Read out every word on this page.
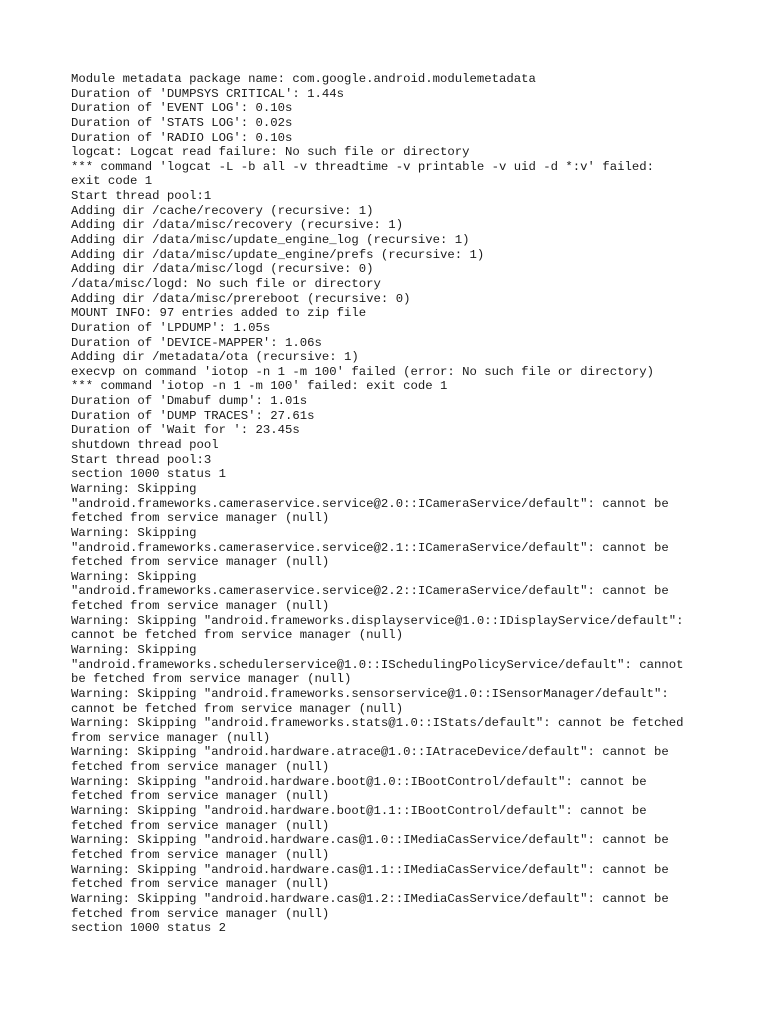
Module metadata package name: com.google.android.modulemetadata
Duration of 'DUMPSYS CRITICAL': 1.44s
Duration of 'EVENT LOG': 0.10s
Duration of 'STATS LOG': 0.02s
Duration of 'RADIO LOG': 0.10s
logcat: Logcat read failure: No such file or directory
*** command 'logcat -L -b all -v threadtime -v printable -v uid -d *:v' failed:
exit code 1
Start thread pool:1
Adding dir /cache/recovery (recursive: 1)
Adding dir /data/misc/recovery (recursive: 1)
Adding dir /data/misc/update_engine_log (recursive: 1)
Adding dir /data/misc/update_engine/prefs (recursive: 1)
Adding dir /data/misc/logd (recursive: 0)
/data/misc/logd: No such file or directory
Adding dir /data/misc/prereboot (recursive: 0)
MOUNT INFO: 97 entries added to zip file
Duration of 'LPDUMP': 1.05s
Duration of 'DEVICE-MAPPER': 1.06s
Adding dir /metadata/ota (recursive: 1)
execvp on command 'iotop -n 1 -m 100' failed (error: No such file or directory)
*** command 'iotop -n 1 -m 100' failed: exit code 1
Duration of 'Dmabuf dump': 1.01s
Duration of 'DUMP TRACES': 27.61s
Duration of 'Wait for ': 23.45s
shutdown thread pool
Start thread pool:3
section 1000 status 1
Warning: Skipping
"android.frameworks.cameraservice.service@2.0::ICameraService/default": cannot be
fetched from service manager (null)
Warning: Skipping
"android.frameworks.cameraservice.service@2.1::ICameraService/default": cannot be
fetched from service manager (null)
Warning: Skipping
"android.frameworks.cameraservice.service@2.2::ICameraService/default": cannot be
fetched from service manager (null)
Warning: Skipping "android.frameworks.displayservice@1.0::IDisplayService/default":
cannot be fetched from service manager (null)
Warning: Skipping
"android.frameworks.schedulerservice@1.0::ISchedulingPolicyService/default": cannot
be fetched from service manager (null)
Warning: Skipping "android.frameworks.sensorservice@1.0::ISensorManager/default":
cannot be fetched from service manager (null)
Warning: Skipping "android.frameworks.stats@1.0::IStats/default": cannot be fetched
from service manager (null)
Warning: Skipping "android.hardware.atrace@1.0::IAtraceDevice/default": cannot be
fetched from service manager (null)
Warning: Skipping "android.hardware.boot@1.0::IBootControl/default": cannot be
fetched from service manager (null)
Warning: Skipping "android.hardware.boot@1.1::IBootControl/default": cannot be
fetched from service manager (null)
Warning: Skipping "android.hardware.cas@1.0::IMediaCasService/default": cannot be
fetched from service manager (null)
Warning: Skipping "android.hardware.cas@1.1::IMediaCasService/default": cannot be
fetched from service manager (null)
Warning: Skipping "android.hardware.cas@1.2::IMediaCasService/default": cannot be
fetched from service manager (null)
section 1000 status 2
